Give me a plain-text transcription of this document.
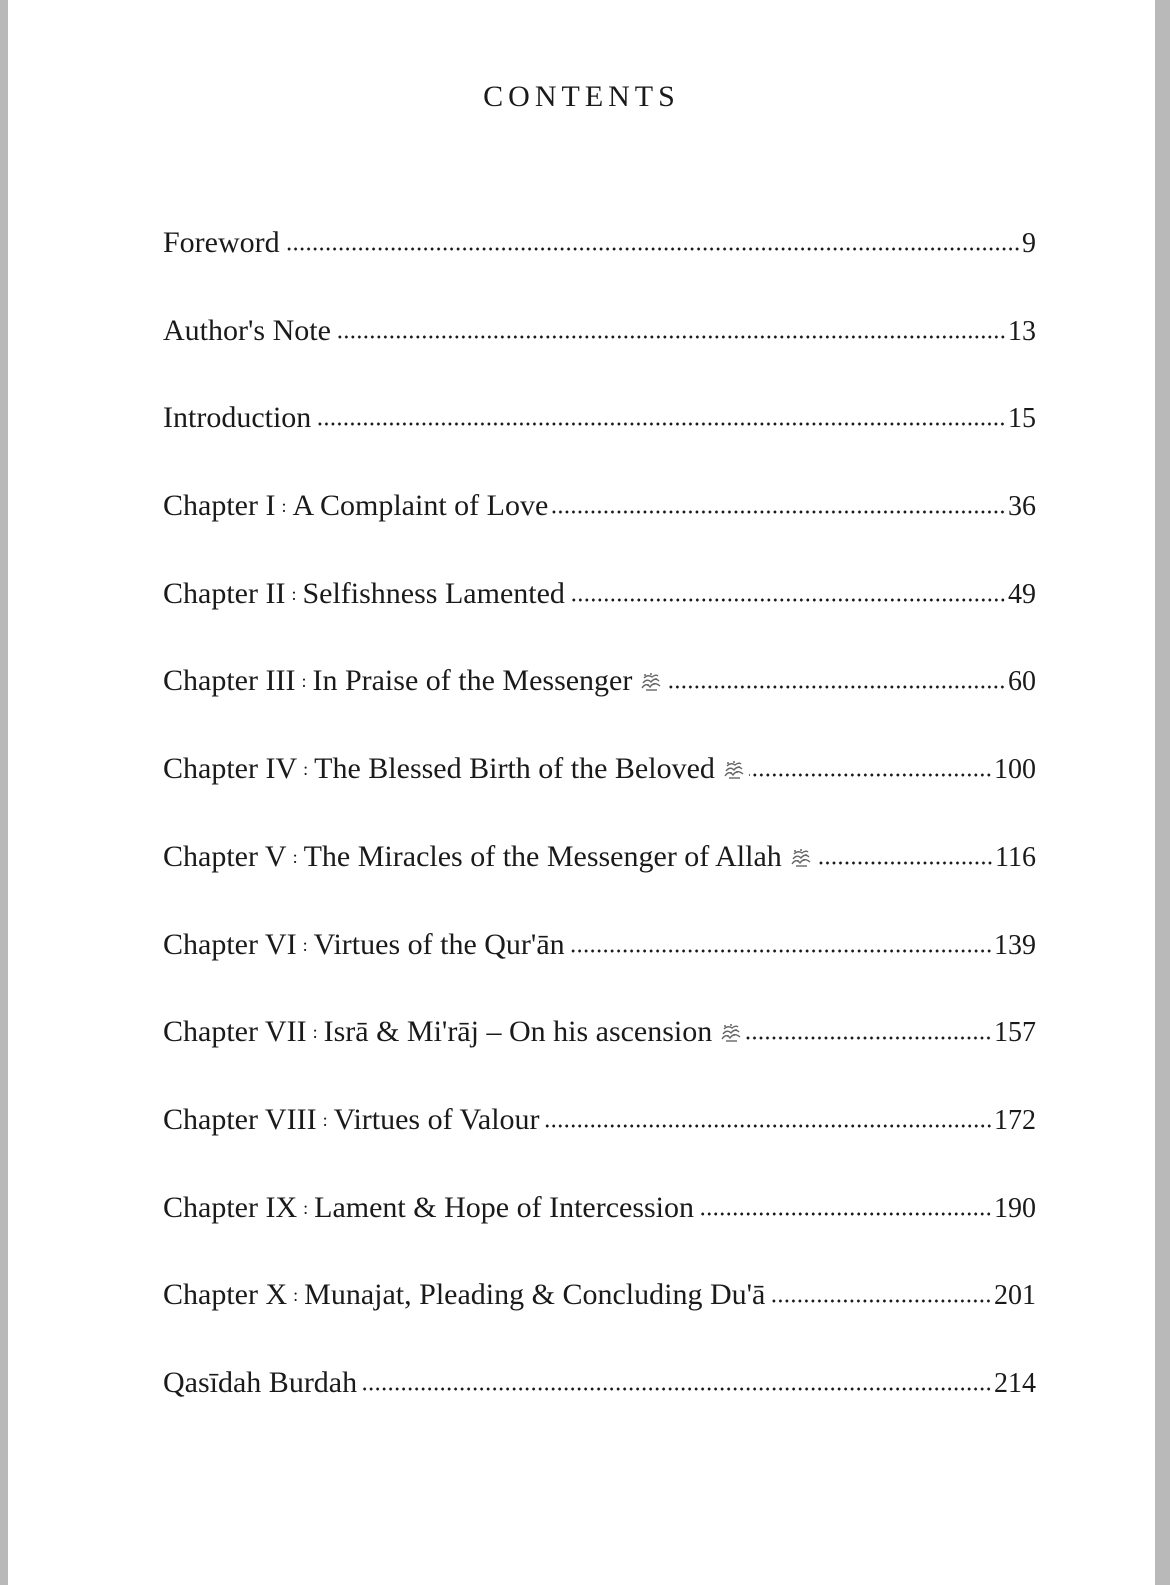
CONTENTS
Foreword	9
Author's Note	13
Introduction	15
Chapter I : A Complaint of Love	36
Chapter II : Selfishness Lamented	49
Chapter III : In Praise of the Messenger	60
Chapter IV : The Blessed Birth of the Beloved	100
Chapter V : The Miracles of the Messenger of Allah	116
Chapter VI : Virtues of the Qur'ān	139
Chapter VII : Isrā & Mi'rāj – On his ascension	157
Chapter VIII : Virtues of Valour	172
Chapter IX : Lament & Hope of Intercession	190
Chapter X : Munajat, Pleading & Concluding Du'ā	201
Qasīdah Burdah	214
